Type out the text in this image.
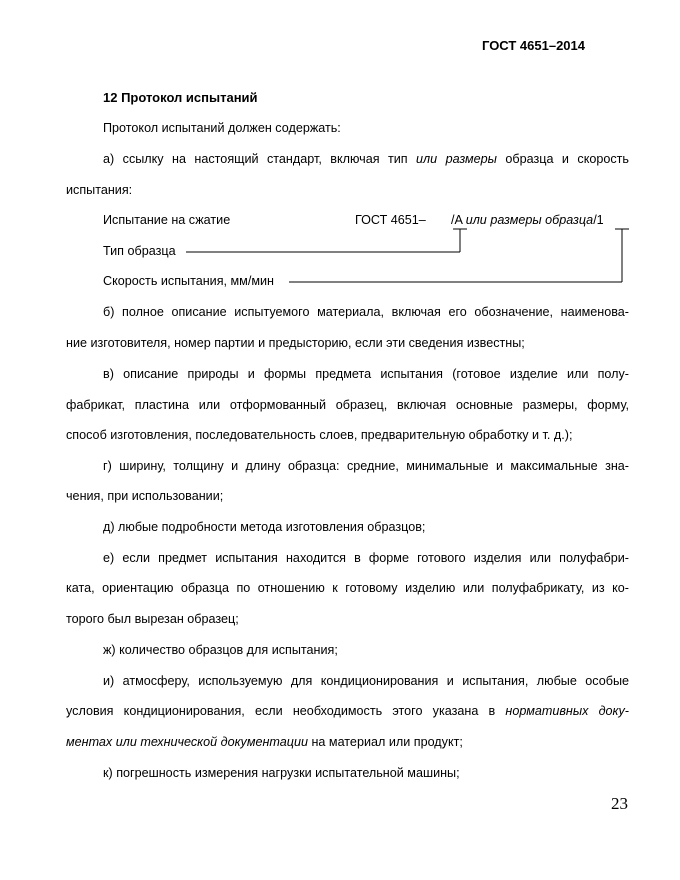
ГОСТ 4651–2014
12 Протокол испытаний
Протокол испытаний должен содержать:
а) ссылку на настоящий стандарт, включая тип или размеры образца и скорость
испытания:
Испытание на сжатие	ГОСТ 4651– /A или размеры образца/1
Тип образца
Скорость испытания, мм/мин
б) полное описание испытуемого материала, включая его обозначение, наименова-
ние изготовителя, номер партии и предысторию, если эти сведения известны;
в) описание природы и формы предмета испытания (готовое изделие или полу-
фабрикат, пластина или отформованный образец, включая основные размеры, форму,
способ изготовления, последовательность слоев, предварительную обработку и т. д.);
г) ширину, толщину и длину образца: средние, минимальные и максимальные зна-
чения, при использовании;
д) любые подробности метода изготовления образцов;
е) если предмет испытания находится в форме готового изделия или полуфабри-
ката, ориентацию образца по отношению к готовому изделию или полуфабрикату, из ко-
торого был вырезан образец;
ж) количество образцов для испытания;
и) атмосферу, используемую для кондиционирования и испытания, любые особые
условия кондиционирования, если необходимость этого указана в нормативных доку-
ментах или технической документации на материал или продукт;
к) погрешность измерения нагрузки испытательной машины;
23
